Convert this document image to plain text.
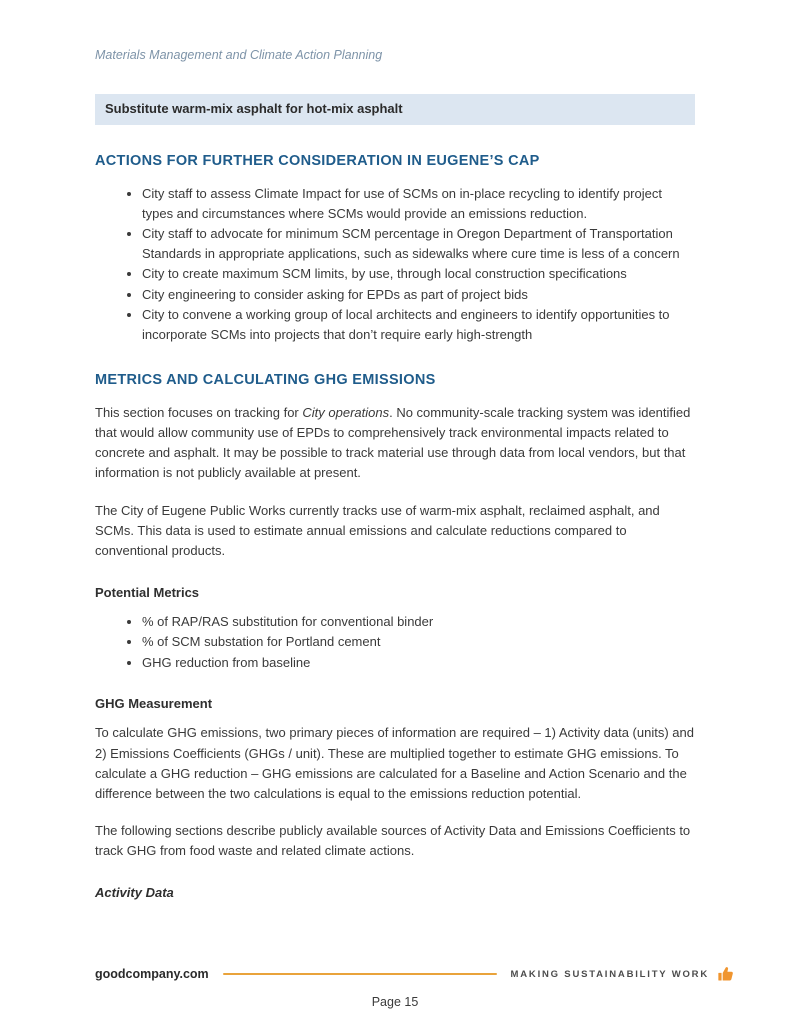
Materials Management and Climate Action Planning
Substitute warm-mix asphalt for hot-mix asphalt
ACTIONS FOR FURTHER CONSIDERATION IN EUGENE’S CAP
• City staff to assess Climate Impact for use of SCMs on in-place recycling to identify project types and circumstances where SCMs would provide an emissions reduction.
• City staff to advocate for minimum SCM percentage in Oregon Department of Transportation Standards in appropriate applications, such as sidewalks where cure time is less of a concern
• City to create maximum SCM limits, by use, through local construction specifications
• City engineering to consider asking for EPDs as part of project bids
• City to convene a working group of local architects and engineers to identify opportunities to incorporate SCMs into projects that don’t require early high-strength
METRICS AND CALCULATING GHG EMISSIONS

This section focuses on tracking for City operations. No community-scale tracking system was identified that would allow community use of EPDs to comprehensively track environmental impacts related to concrete and asphalt. It may be possible to track material use through data from local vendors, but that information is not publicly available at present.

The City of Eugene Public Works currently tracks use of warm-mix asphalt, reclaimed asphalt, and SCMs. This data is used to estimate annual emissions and calculate reductions compared to conventional products.

Potential Metrics
• % of RAP/RAS substitution for conventional binder
• % of SCM substation for Portland cement
• GHG reduction from baseline
GHG Measurement

To calculate GHG emissions, two primary pieces of information are required – 1) Activity data (units) and 2) Emissions Coefficients (GHGs / unit). These are multiplied together to estimate GHG emissions. To calculate a GHG reduction – GHG emissions are calculated for a Baseline and Action Scenario and the difference between the two calculations is equal to the emissions reduction potential.

The following sections describe publicly available sources of Activity Data and Emissions Coefficients to track GHG from food waste and related climate actions.

Activity Data
goodcompany.com	MAKING SUSTAINABILITY WORK
Page 15
